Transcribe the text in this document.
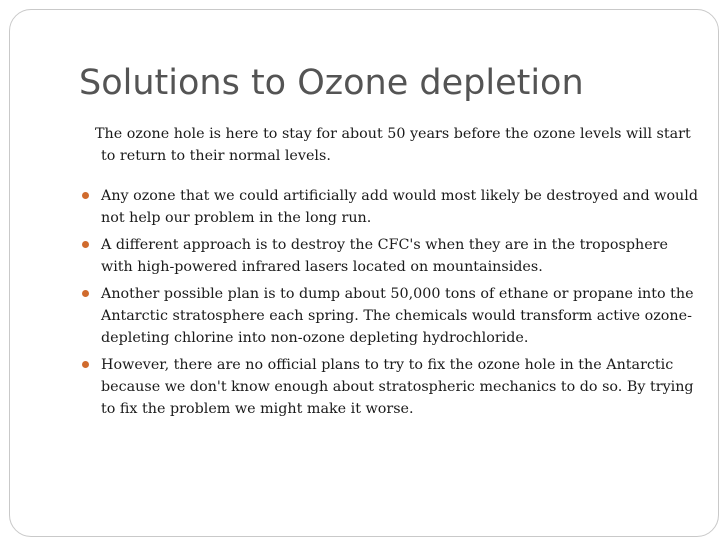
Solutions to Ozone depletion

The ozone hole is here to stay for about 50 years before the ozone levels will start to return to their normal levels.

Any ozone that we could artificially add would most likely be destroyed and would not help our problem in the long run.
A different approach is to destroy the CFC's when they are in the troposphere with high-powered infrared lasers located on mountainsides.
Another possible plan is to dump about 50,000 tons of ethane or propane into the Antarctic stratosphere each spring. The chemicals would transform active ozone-depleting chlorine into non-ozone depleting hydrochloride.
However, there are no official plans to try to fix the ozone hole in the Antarctic because we don't know enough about stratospheric mechanics to do so. By trying to fix the problem we might make it worse.
